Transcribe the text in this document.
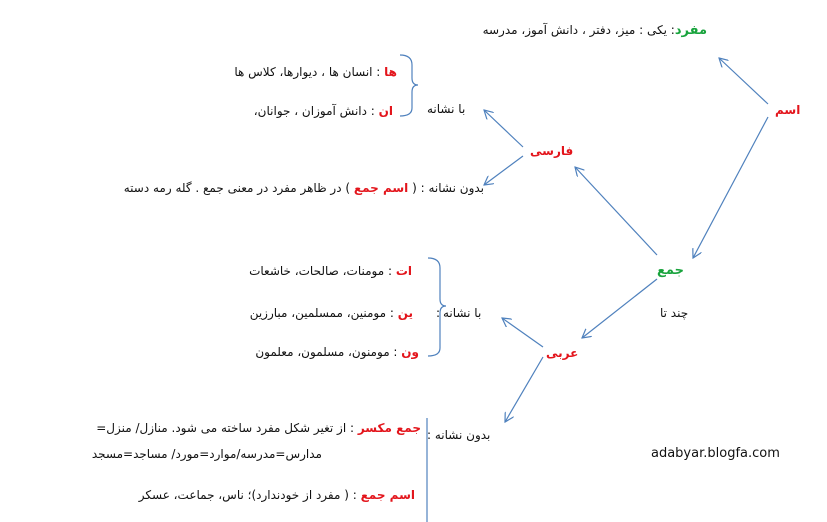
مفرد: یکی : میز، دفتر ، دانش آموز، مدرسه
اسم
ها : انسان ها ، دیوارها، کلاس ها
ان : دانش آموزان ، جوانان،	با نشانه
فارسی
بدون نشانه : ( اسم جمع ) در ظاهر مفرد در معنی جمع . گله رمه دسته
جمع
چند تا
ات : مومنات، صالحات، خاشعات
ین : مومنین، ممسلمین، مبارزین	: با نشانه
ون : مومنون، مسلمون، معلمون	عربی
بدون نشانه :
جمع مکسر : از تغیر شکل مفرد ساخته می شود. منازل/ منزل=
مدارس=مدرسه/موارد=مورد/ مساجد=مسجد
اسم جمع : ( مفرد از خودندارد)؛ ناس، جماعت، عسکر
adabyar.blogfa.com
